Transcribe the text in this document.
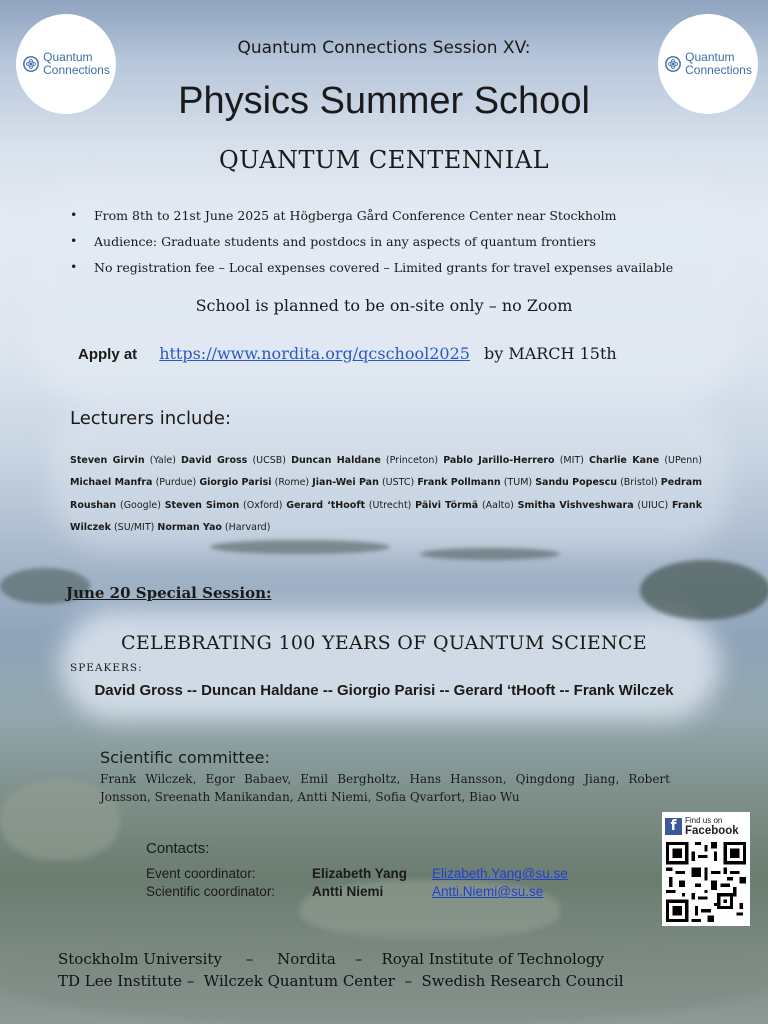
Quantum
Connections
Quantum
Connections
Quantum Connections Session XV:
Physics Summer School
QUANTUM CENTENNIAL
• From 8th to 21st June 2025 at Högberga Gård Conference Center near Stockholm
• Audience: Graduate students and postdocs in any aspects of quantum frontiers
• No registration fee – Local expenses covered – Limited grants for travel expenses available
School is planned to be on-site only – no Zoom
Apply at https://www.nordita.org/qcschool2025 by MARCH 15th
Lecturers include:
Steven Girvin (Yale) David Gross (UCSB) Duncan Haldane (Princeton) Pablo Jarillo-Herrero (MIT) Charlie Kane (UPenn) Michael Manfra (Purdue) Giorgio Parisi (Rome) Jian-Wei Pan (USTC) Frank Pollmann (TUM) Sandu Popescu (Bristol) Pedram Roushan (Google) Steven Simon (Oxford) Gerard ‘tHooft (Utrecht) Päivi Törmä (Aalto) Smitha Vishveshwara (UIUC) Frank Wilczek (SU/MIT) Norman Yao (Harvard)
June 20 Special Session:
CELEBRATING 100 YEARS OF QUANTUM SCIENCE
SPEAKERS:
David Gross -- Duncan Haldane -- Giorgio Parisi -- Gerard ‘tHooft -- Frank Wilczek
Scientific committee:
Frank Wilczek, Egor Babaev, Emil Bergholtz, Hans Hansson, Qingdong Jiang, Robert Jonsson, Sreenath Manikandan, Antti Niemi, Sofia Qvarfort, Biao Wu
Contacts:
Event coordinator:	Elizabeth Yang	Elizabeth.Yang@su.se
Scientific coordinator:	Antti Niemi	Antti.Niemi@su.se
f	Find us on
Facebook
Stockholm University     –     Nordita    –    Royal Institute of Technology
TD Lee Institute –  Wilczek Quantum Center  –  Swedish Research Council
